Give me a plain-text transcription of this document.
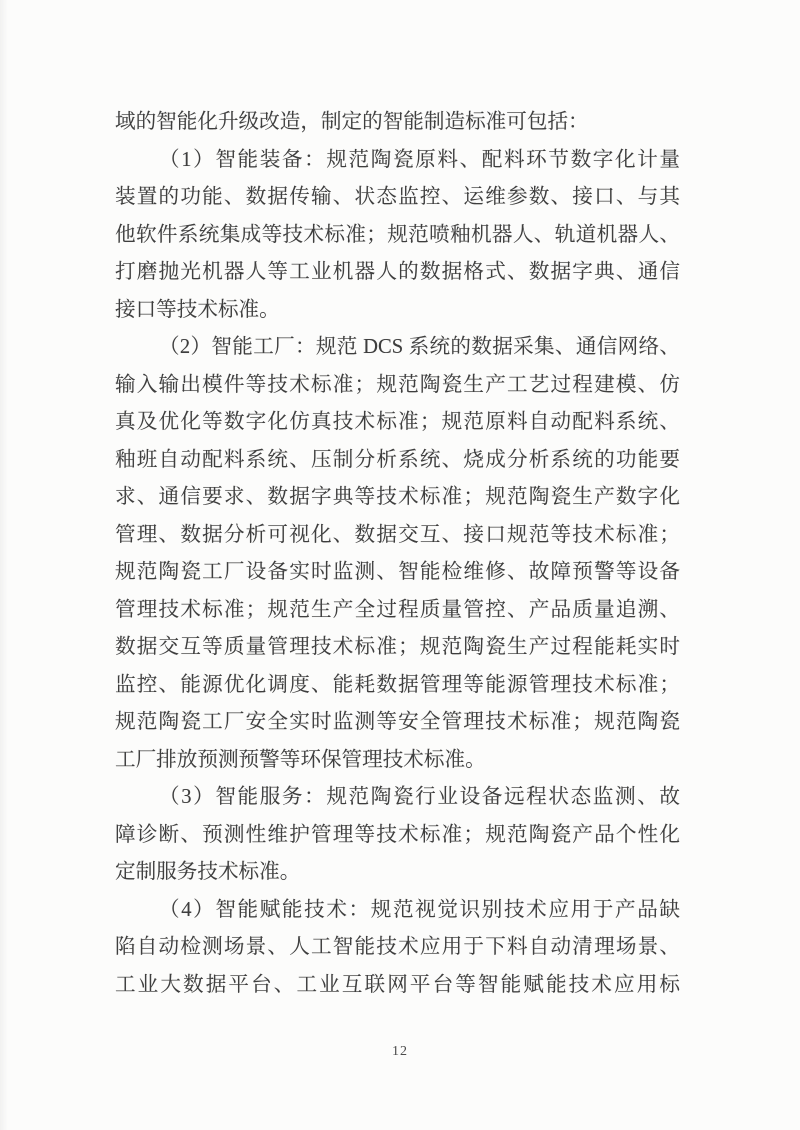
域的智能化升级改造，制定的智能制造标准可包括：
（1）智能装备：规范陶瓷原料、配料环节数字化计量
装置的功能、数据传输、状态监控、运维参数、接口、与其
他软件系统集成等技术标准；规范喷釉机器人、轨道机器人、
打磨抛光机器人等工业机器人的数据格式、数据字典、通信
接口等技术标准。
（2）智能工厂：规范 DCS 系统的数据采集、通信网络、
输入输出模件等技术标准；规范陶瓷生产工艺过程建模、仿
真及优化等数字化仿真技术标准；规范原料自动配料系统、
釉班自动配料系统、压制分析系统、烧成分析系统的功能要
求、通信要求、数据字典等技术标准；规范陶瓷生产数字化
管理、数据分析可视化、数据交互、接口规范等技术标准；
规范陶瓷工厂设备实时监测、智能检维修、故障预警等设备
管理技术标准；规范生产全过程质量管控、产品质量追溯、
数据交互等质量管理技术标准；规范陶瓷生产过程能耗实时
监控、能源优化调度、能耗数据管理等能源管理技术标准；
规范陶瓷工厂安全实时监测等安全管理技术标准；规范陶瓷
工厂排放预测预警等环保管理技术标准。
（3）智能服务：规范陶瓷行业设备远程状态监测、故
障诊断、预测性维护管理等技术标准；规范陶瓷产品个性化
定制服务技术标准。
（4）智能赋能技术：规范视觉识别技术应用于产品缺
陷自动检测场景、人工智能技术应用于下料自动清理场景、
工业大数据平台、工业互联网平台等智能赋能技术应用标
12
